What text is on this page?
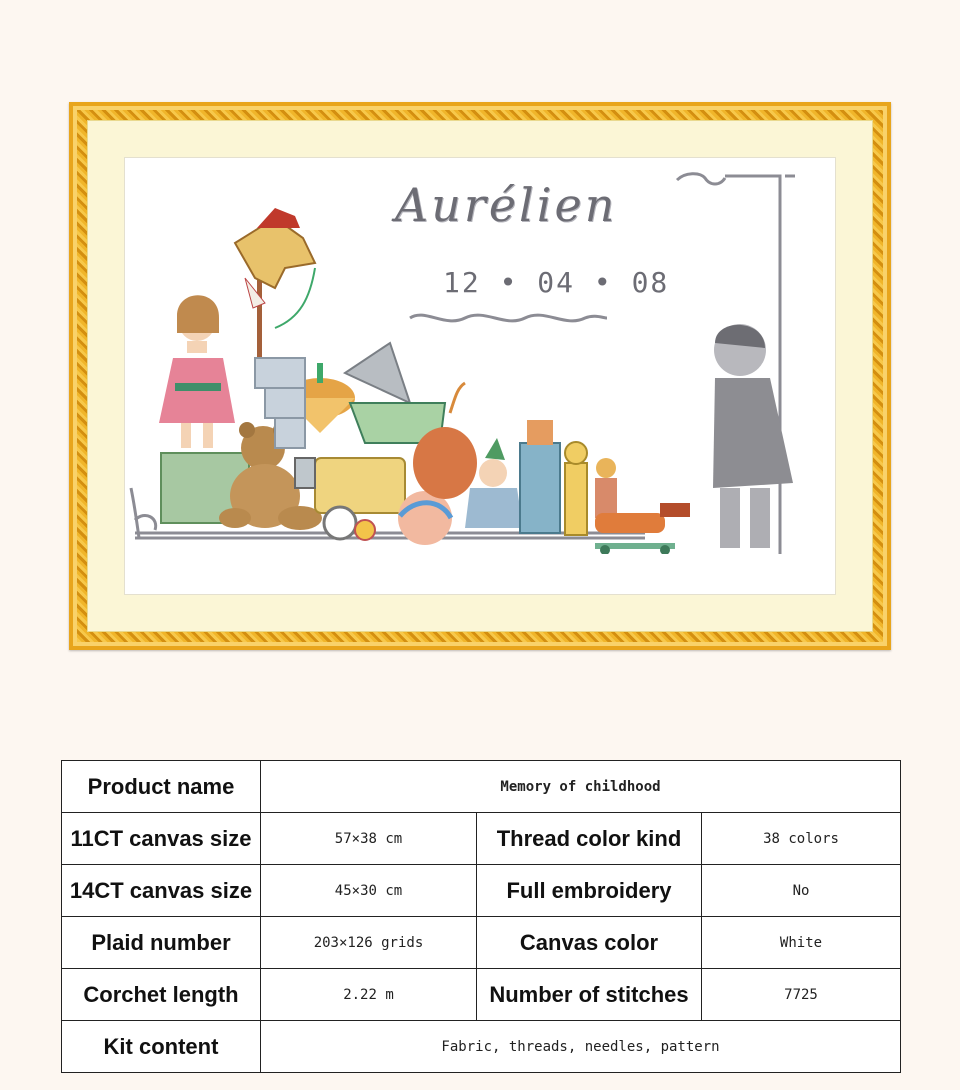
Aurélien
12 • 04 • 08
Product name	Memory of childhood		
11CT canvas size	57×38 cm	Thread color kind	38 colors
14CT canvas size	45×30 cm	Full embroidery	No
Plaid number	203×126 grids	Canvas color	White
Corchet length	2.22 m	Number of stitches	7725
Kit content	Fabric, threads, needles, pattern		
